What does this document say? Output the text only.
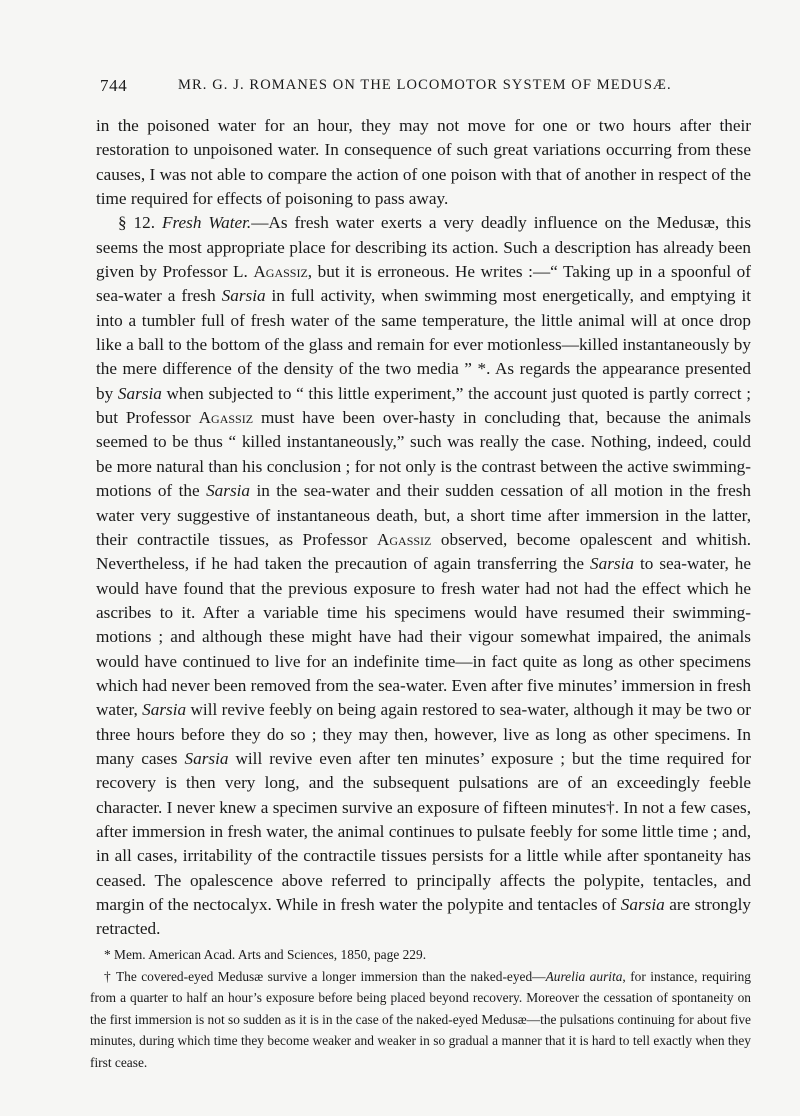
744	MR. G. J. ROMANES ON THE LOCOMOTOR SYSTEM OF MEDUSÆ.

in the poisoned water for an hour, they may not move for one or two hours after their restoration to unpoisoned water. In consequence of such great variations occurring from these causes, I was not able to compare the action of one poison with that of another in respect of the time required for effects of poisoning to pass away.

§ 12. Fresh Water.—As fresh water exerts a very deadly influence on the Medusæ, this seems the most appropriate place for describing its action. Such a description has already been given by Professor L. Agassiz, but it is erroneous. He writes :—“ Taking up in a spoonful of sea-water a fresh Sarsia in full activity, when swimming most energetically, and emptying it into a tumbler full of fresh water of the same temperature, the little animal will at once drop like a ball to the bottom of the glass and remain for ever motionless—killed instantaneously by the mere difference of the density of the two media ” *. As regards the appearance presented by Sarsia when subjected to “ this little experiment,” the account just quoted is partly correct ; but Professor Agassiz must have been over-hasty in concluding that, because the animals seemed to be thus “ killed instantaneously,” such was really the case. Nothing, indeed, could be more natural than his conclusion ; for not only is the contrast between the active swimming-motions of the Sarsia in the sea-water and their sudden cessation of all motion in the fresh water very suggestive of instantaneous death, but, a short time after immersion in the latter, their contractile tissues, as Professor Agassiz observed, become opalescent and whitish. Nevertheless, if he had taken the precaution of again transferring the Sarsia to sea-water, he would have found that the previous exposure to fresh water had not had the effect which he ascribes to it. After a variable time his specimens would have resumed their swimming-motions ; and although these might have had their vigour somewhat impaired, the animals would have continued to live for an indefinite time—in fact quite as long as other specimens which had never been removed from the sea-water. Even after five minutes’ immersion in fresh water, Sarsia will revive feebly on being again restored to sea-water, although it may be two or three hours before they do so ; they may then, however, live as long as other specimens. In many cases Sarsia will revive even after ten minutes’ exposure ; but the time required for recovery is then very long, and the subsequent pulsations are of an exceedingly feeble character. I never knew a specimen survive an exposure of fifteen minutes†. In not a few cases, after immersion in fresh water, the animal continues to pulsate feebly for some little time ; and, in all cases, irritability of the contractile tissues persists for a little while after spontaneity has ceased. The opalescence above referred to principally affects the polypite, tentacles, and margin of the nectocalyx. While in fresh water the polypite and tentacles of Sarsia are strongly retracted.

* Mem. American Acad. Arts and Sciences, 1850, page 229.

† The covered-eyed Medusæ survive a longer immersion than the naked-eyed—Aurelia aurita, for instance, requiring from a quarter to half an hour’s exposure before being placed beyond recovery. Moreover the cessation of spontaneity on the first immersion is not so sudden as it is in the case of the naked-eyed Medusæ—the pulsations continuing for about five minutes, during which time they become weaker and weaker in so gradual a manner that it is hard to tell exactly when they first cease.
